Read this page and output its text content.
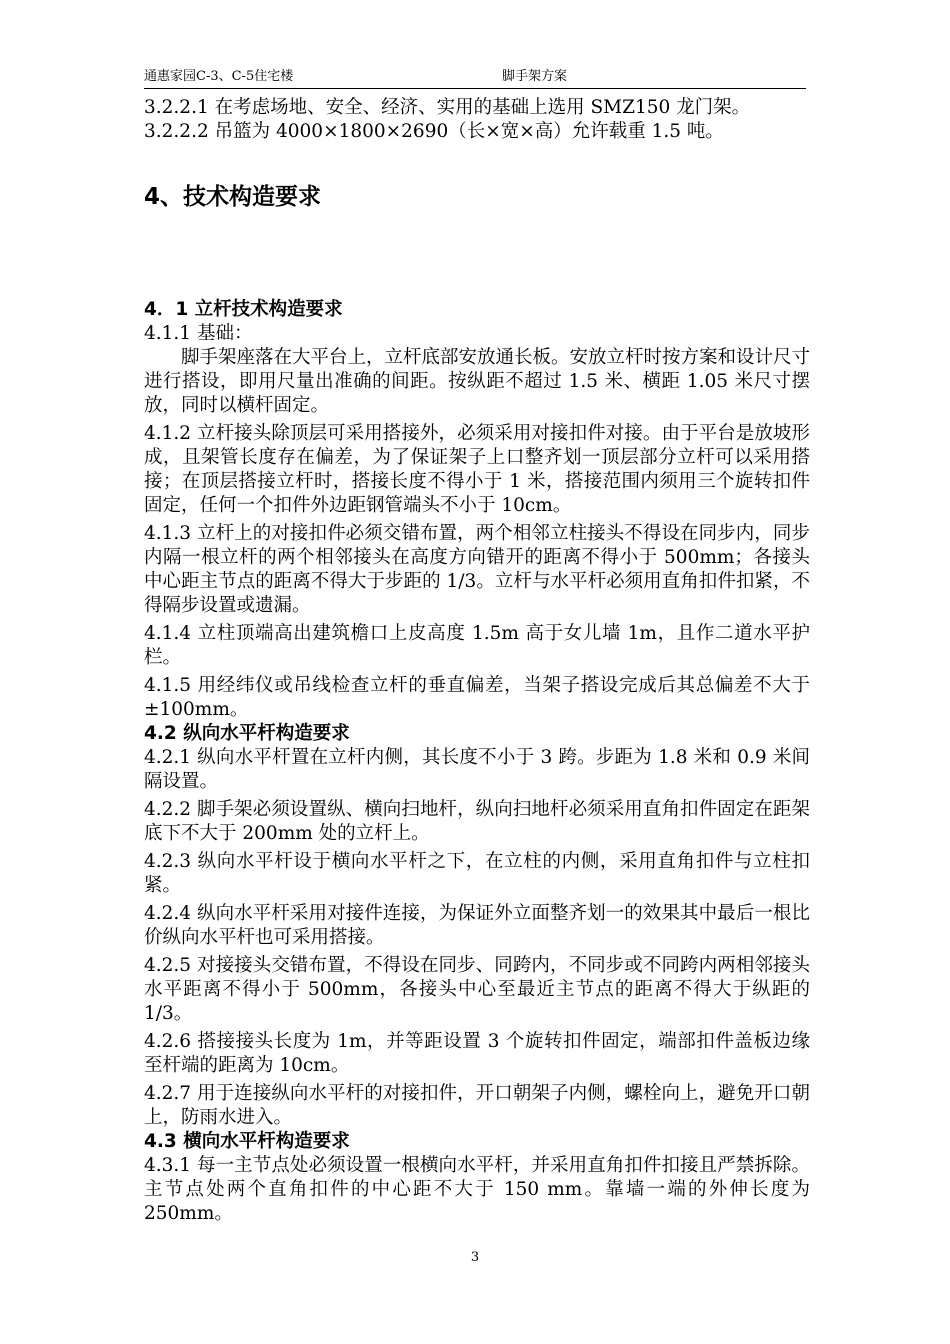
通惠家园C-3、C-5住宅楼	脚手架方案

3.2.2.1 在考虑场地、安全、经济、实用的基础上选用 SMZ150 龙门架。

3.2.2.2 吊篮为 4000×1800×2690（长×宽×高）允许载重 1.5 吨。

4、技术构造要求
4．1 立杆技术构造要求

4.1.1 基础：

脚手架座落在大平台上，立杆底部安放通长板。安放立杆时按方案和设计尺寸进行搭设，即用尺量出准确的间距。按纵距不超过 1.5 米、横距 1.05 米尺寸摆放，同时以横杆固定。

4.1.2 立杆接头除顶层可采用搭接外，必须采用对接扣件对接。由于平台是放坡形成，且架管长度存在偏差，为了保证架子上口整齐划一顶层部分立杆可以采用搭接；在顶层搭接立杆时，搭接长度不得小于 1 米，搭接范围内须用三个旋转扣件固定，任何一个扣件外边距钢管端头不小于 10cm。

4.1.3 立杆上的对接扣件必须交错布置，两个相邻立柱接头不得设在同步内，同步内隔一根立杆的两个相邻接头在高度方向错开的距离不得小于 500mm；各接头中心距主节点的距离不得大于步距的 1/3。立杆与水平杆必须用直角扣件扣紧，不得隔步设置或遗漏。

4.1.4 立柱顶端高出建筑檐口上皮高度 1.5m 高于女儿墙 1m，且作二道水平护栏。

4.1.5 用经纬仪或吊线检查立杆的垂直偏差，当架子搭设完成后其总偏差不大于±100mm。

4.2 纵向水平杆构造要求

4.2.1 纵向水平杆置在立杆内侧，其长度不小于 3 跨。步距为 1.8 米和 0.9 米间隔设置。

4.2.2 脚手架必须设置纵、横向扫地杆，纵向扫地杆必须采用直角扣件固定在距架底下不大于 200mm 处的立杆上。

4.2.3 纵向水平杆设于横向水平杆之下，在立柱的内侧，采用直角扣件与立柱扣紧。

4.2.4 纵向水平杆采用对接件连接，为保证外立面整齐划一的效果其中最后一根比价纵向水平杆也可采用搭接。

4.2.5 对接接头交错布置，不得设在同步、同跨内，不同步或不同跨内两相邻接头水平距离不得小于 500mm，各接头中心至最近主节点的距离不得大于纵距的 1/3。

4.2.6 搭接接头长度为 1m，并等距设置 3 个旋转扣件固定，端部扣件盖板边缘至杆端的距离为 10cm。

4.2.7 用于连接纵向水平杆的对接扣件，开口朝架子内侧，螺栓向上，避免开口朝上，防雨水进入。

4.3 横向水平杆构造要求

4.3.1 每一主节点处必须设置一根横向水平杆，并采用直角扣件扣接且严禁拆除。主节点处两个直角扣件的中心距不大于 150 mm。靠墙一端的外伸长度为 250mm。

3
